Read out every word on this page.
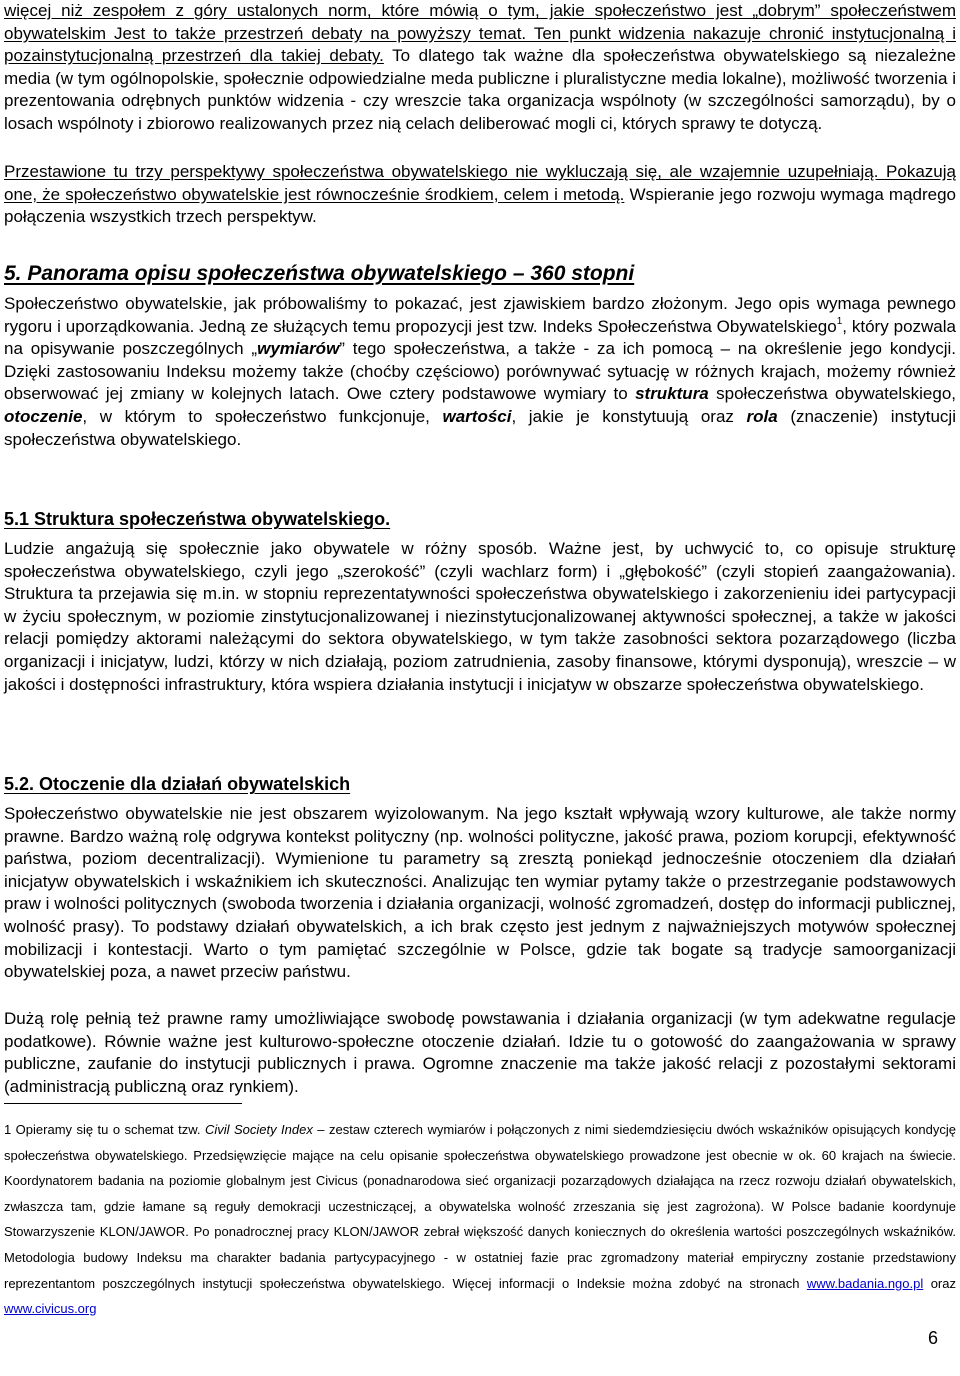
więcej niż zespołem z góry ustalonych norm, które mówią o tym, jakie społeczeństwo jest „dobrym” społeczeństwem obywatelskim Jest to także przestrzeń debaty na powyższy temat. Ten punkt widzenia nakazuje chronić instytucjonalną i pozainstytucjonalną przestrzeń dla takiej debaty. To dlatego tak ważne dla społeczeństwa obywatelskiego są niezależne media (w tym ogólnopolskie, społecznie odpowiedzialne meda publiczne i pluralistyczne media lokalne), możliwość tworzenia i prezentowania odrębnych punktów widzenia - czy wreszcie taka organizacja wspólnoty (w szczególności samorządu), by o losach wspólnoty i zbiorowo realizowanych przez nią celach deliberować mogli ci, których sprawy te dotyczą.

Przestawione tu trzy perspektywy społeczeństwa obywatelskiego nie wykluczają się, ale wzajemnie uzupełniają. Pokazują one, że społeczeństwo obywatelskie jest równocześnie środkiem, celem i metodą. Wspieranie jego rozwoju wymaga mądrego połączenia wszystkich trzech perspektyw.

5. Panorama opisu społeczeństwa obywatelskiego – 360 stopni

Społeczeństwo obywatelskie, jak próbowaliśmy to pokazać, jest zjawiskiem bardzo złożonym. Jego opis wymaga pewnego rygoru i uporządkowania. Jedną ze służących temu propozycji jest tzw. Indeks Społeczeństwa Obywatelskiego$^1$, który pozwala na opisywanie poszczególnych „wymiarów” tego społeczeństwa, a także - za ich pomocą – na określenie jego kondycji. Dzięki zastosowaniu Indeksu możemy także (choćby częściowo) porównywać sytuację w różnych krajach, możemy również obserwować jej zmiany w kolejnych latach. Owe cztery podstawowe wymiary to struktura społeczeństwa obywatelskiego, otoczenie, w którym to społeczeństwo funkcjonuje, wartości, jakie je konstytuują oraz rola (znaczenie) instytucji społeczeństwa obywatelskiego.

5.1 Struktura społeczeństwa obywatelskiego.

Ludzie angażują się społecznie jako obywatele w różny sposób. Ważne jest, by uchwycić to, co opisuje strukturę społeczeństwa obywatelskiego, czyli jego „szerokość” (czyli wachlarz form) i „głębokość” (czyli stopień zaangażowania). Struktura ta przejawia się m.in. w stopniu reprezentatywności społeczeństwa obywatelskiego i zakorzenieniu idei partycypacji w życiu społecznym, w poziomie zinstytucjonalizowanej i niezinstytucjonalizowanej aktywności społecznej, a także w jakości relacji pomiędzy aktorami należącymi do sektora obywatelskiego, w tym także zasobności sektora pozarządowego (liczba organizacji i inicjatyw, ludzi, którzy w nich działają, poziom zatrudnienia, zasoby finansowe, którymi dysponują), wreszcie – w jakości i dostępności infrastruktury, która wspiera działania instytucji i inicjatyw w obszarze społeczeństwa obywatelskiego.

5.2. Otoczenie dla działań obywatelskich

Społeczeństwo obywatelskie nie jest obszarem wyizolowanym. Na jego kształt wpływają wzory kulturowe, ale także normy prawne. Bardzo ważną rolę odgrywa kontekst polityczny (np. wolności polityczne, jakość prawa, poziom korupcji, efektywność państwa, poziom decentralizacji). Wymienione tu parametry są zresztą poniekąd jednocześnie otoczeniem dla działań inicjatyw obywatelskich i wskaźnikiem ich skuteczności. Analizując ten wymiar pytamy także o przestrzeganie podstawowych praw i wolności politycznych (swoboda tworzenia i działania organizacji, wolność zgromadzeń, dostęp do informacji publicznej, wolność prasy). To podstawy działań obywatelskich, a ich brak często jest jednym z najważniejszych motywów społecznej mobilizacji i kontestacji. Warto o tym pamiętać szczególnie w Polsce, gdzie tak bogate są tradycje samoorganizacji obywatelskiej poza, a nawet przeciw państwu.

Dużą rolę pełnią też prawne ramy umożliwiające swobodę powstawania i działania organizacji (w tym adekwatne regulacje podatkowe). Równie ważne jest kulturowo-społeczne otoczenie działań. Idzie tu o gotowość do zaangażowania w sprawy publiczne, zaufanie do instytucji publicznych i prawa. Ogromne znaczenie ma także jakość relacji z pozostałymi sektorami (administracją publiczną oraz rynkiem).

1 Opieramy się tu o schemat tzw. Civil Society Index – zestaw czterech wymiarów i połączonych z nimi siedemdziesięciu dwóch wskaźników opisujących kondycję społeczeństwa obywatelskiego. Przedsięwzięcie mające na celu opisanie społeczeństwa obywatelskiego prowadzone jest obecnie w ok. 60 krajach na świecie. Koordynatorem badania na poziomie globalnym jest Civicus (ponadnarodowa sieć organizacji pozarządowych działająca na rzecz rozwoju działań obywatelskich, zwłaszcza tam, gdzie łamane są reguły demokracji uczestniczącej, a obywatelska wolność zrzeszania się jest zagrożona). W Polsce badanie koordynuje Stowarzyszenie KLON/JAWOR. Po ponadrocznej pracy KLON/JAWOR zebrał większość danych koniecznych do określenia wartości poszczególnych wskaźników. Metodologia budowy Indeksu ma charakter badania partycypacyjnego - w ostatniej fazie prac zgromadzony materiał empiryczny zostanie przedstawiony reprezentantom poszczególnych instytucji społeczeństwa obywatelskiego. Więcej informacji o Indeksie można zdobyć na stronach www.badania.ngo.pl oraz www.civicus.org

6
